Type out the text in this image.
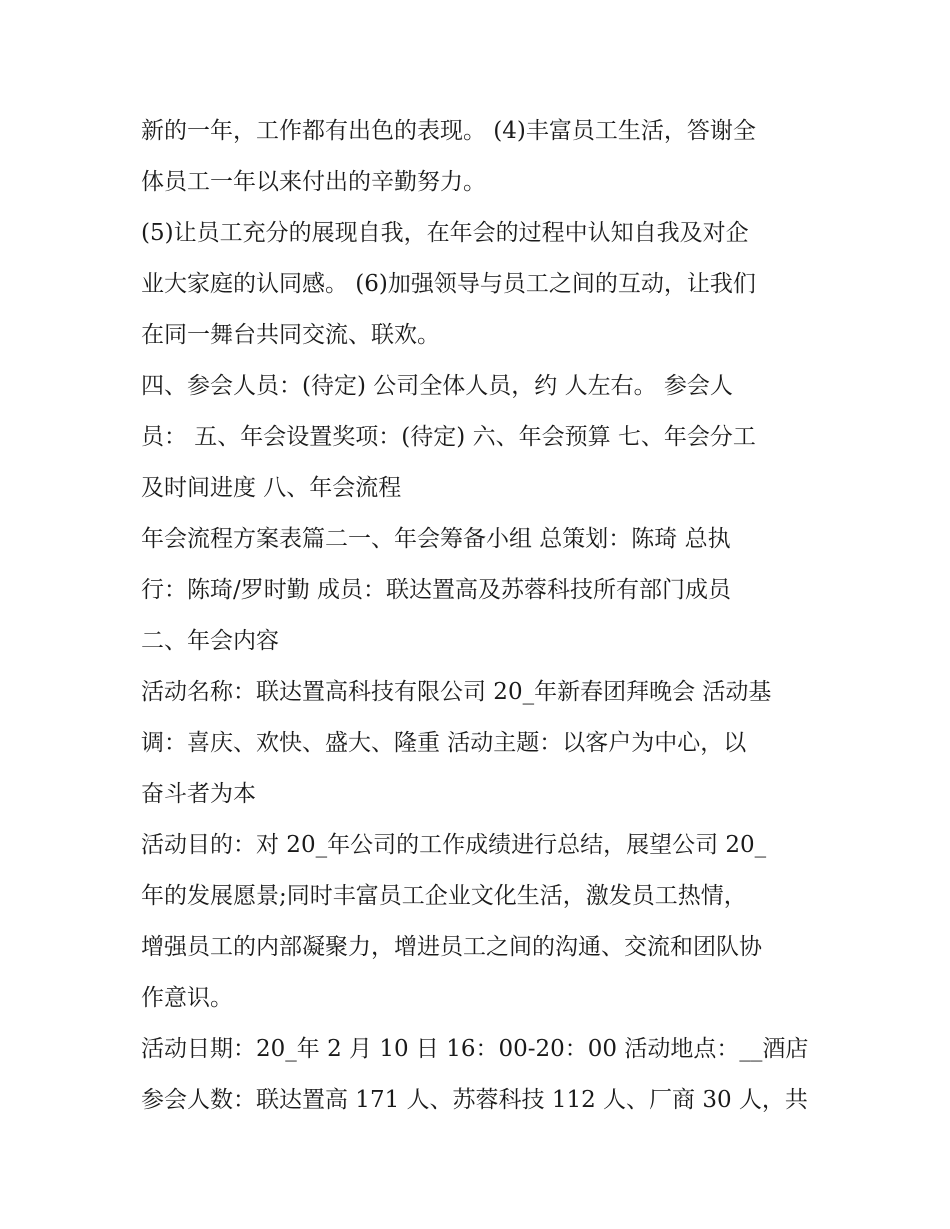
新的一年，工作都有出色的表现。 (4)丰富员工生活，答谢全
体员工一年以来付出的辛勤努力。
(5)让员工充分的展现自我，在年会的过程中认知自我及对企
业大家庭的认同感。 (6)加强领导与员工之间的互动，让我们
在同一舞台共同交流、联欢。
四、参会人员：(待定) 公司全体人员，约 人左右。 参会人
员： 五、年会设置奖项：(待定) 六、年会预算 七、年会分工
及时间进度 八、年会流程
年会流程方案表篇二一、年会筹备小组 总策划：陈琦 总执
行：陈琦/罗时勤 成员：联达置高及苏蓉科技所有部门成员
二、年会内容
活动名称：联达置高科技有限公司 20_年新春团拜晚会 活动基
调：喜庆、欢快、盛大、隆重 活动主题：以客户为中心，以
奋斗者为本
活动目的：对 20_年公司的工作成绩进行总结，展望公司 20_
年的发展愿景;同时丰富员工企业文化生活，激发员工热情，
增强员工的内部凝聚力，增进员工之间的沟通、交流和团队协
作意识。
活动日期：20_年 2 月 10 日 16：00-20：00 活动地点：__酒店
参会人数：联达置高 171 人、苏蓉科技 112 人、厂商 30 人，共
